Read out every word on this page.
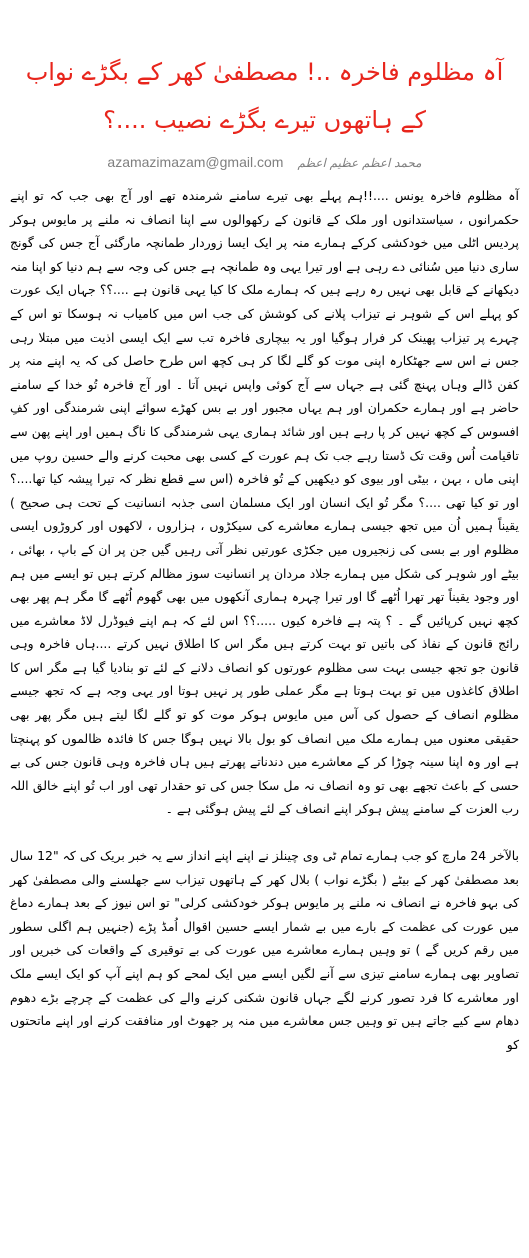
آہ مظلوم فاخرہ ..! مصطفیٰ کھر کے بگڑے نواب کے ہاتھوں تیرے بگڑے نصیب ....؟
azamazimazam@gmail.com محمد اعظم عظیم اعظم

آہ مظلوم فاخرہ یونس ....!!ہم پہلے بھی تیرے سامنے شرمندہ تھے اور آج بھی جب کہ تو اپنے حکمرانوں ، سیاستدانوں اور ملک کے قانون کے رکھوالوں سے اپنا انصاف نہ ملنے پر مایوس ہوکر پردیس اٹلی میں خودکشی کرکے ہمارے منہ پر ایک ایسا زوردار طمانچہ مارگئی آج جس کی گونج ساری دنیا میں سُنائی دے رہی ہے اور تیرا یہی وہ طمانچہ ہے جس کی وجہ سے ہم دنیا کو اپنا منہ دیکھانے کے قابل بھی نہیں رہ رہے ہیں کہ ہمارے ملک کا کیا یہی قانون ہے ....؟؟ جہاں ایک عورت کو پہلے اس کے شوہر نے تیزاب پلانے کی کوشش کی جب اس میں کامیاب نہ ہوسکا تو اس کے چہرے پر تیزاب پھینک کر فرار ہوگیا اور یہ بیچاری فاخرہ تب سے ایک ایسی اذیت میں مبتلا رہی جس نے اس سے جھٹکارہ اپنی موت کو گلے لگا کر ہی کچھ اس طرح حاصل کی کہ یہ اپنے منہ پر کفن ڈالے وہاں پہنچ گئی ہے جہاں سے آج کوئی واپس نہیں آتا ۔ اور آج فاخرہ تُو خدا کے سامنے حاضر ہے اور ہمارے حکمران اور ہم یہاں مجبور اور بے بس کھڑے سوائے اپنی شرمندگی اور کفِ افسوس کے کچھ نہیں کر پا رہے ہیں اور شائد ہماری یہی شرمندگی کا ناگ ہمیں اور اپنے پھن سے تاقیامت اُس وقت تک ڈستا رہے جب تک ہم عورت کے کسی بھی محبت کرنے والے حسین روپ میں اپنی ماں ، بہن ، بیٹی اور بیوی کو دیکھیں کے تُو فاخرہ (اس سے قطع نظر کہ تیرا پیشہ کیا تھا....؟ اور تو کیا تھی ....؟ مگر تُو ایک انسان اور ایک مسلمان اسی جذبہ انسانیت کے تحت ہی صحیح ) یقیناً ہمیں اُن میں تجھ جیسی ہمارے معاشرے کی سیکڑوں ، ہزاروں ، لاکھوں اور کروڑوں ایسی مظلوم اور بے بسی کی زنجیروں میں جکڑی عورتیں نظر آتی رہیں گیں جن پر ان کے باپ ، بھائی ، بیٹے اور شوہر کی شکل میں ہمارے جلاد مردان پر انسانیت سوز مظالم کرتے ہیں تو ایسے میں ہم اور وجود یقیناً تھر تھرا اُٹھے گا اور تیرا چہرہ ہماری آنکھوں میں بھی گھوم اُٹھے گا مگر ہم پھر بھی کچھ نہیں کرپائیں گے ۔ ؟ پتہ ہے فاخرہ کیوں .....؟؟ اس لئے کہ ہم اپنے فیوڈرل لاڈ معاشرے میں رائج قانون کے نفاذ کی باتیں تو بہت کرتے ہیں مگر اس کا اطلاق نہیں کرتے ....ہاں فاخرہ وہی قانون جو تجھ جیسی بہت سی مظلوم عورتوں کو انصاف دلانے کے لئے تو بنادیا گیا ہے مگر اس کا اطلاق کاغذوں میں تو بہت ہوتا ہے مگر عملی طور پر نہیں ہوتا اور یہی وجہ ہے کہ تجھ جیسے مظلوم انصاف کے حصول کی آس میں مایوس ہوکر موت کو تو گلے لگا لیتے ہیں مگر پھر بھی حقیقی معنوں میں ہمارے ملک میں انصاف کو بول بالا نہیں ہوگا جس کا فائدہ ظالموں کو پہنچتا ہے اور وہ اپنا سینہ چوڑا کر کے معاشرے میں دندناتے پھرتے ہیں ہاں فاخرہ وہی قانون جس کی بے حسی کے باعث تجھے بھی تو وہ انصاف نہ مل سکا جس کی تو حقدار تھی اور اب تُو اپنے خالق اللہ رب العزت کے سامنے پیش ہوکر اپنے انصاف کے لئے پیش ہوگئی ہے ۔

بالآخر 24 مارچ کو جب ہمارے تمام ٹی وی چینلز نے اپنے اپنے انداز سے یہ خبر بریک کی کہ "12 سال بعد مصطفیٰ کھر کے بیٹے ( بگڑے نواب ) بلال کھر کے ہاتھوں تیزاب سے جھلسنے والی مصطفیٰ کھر کی بہو فاخرہ نے انصاف نہ ملنے پر مایوس ہوکر خودکشی کرلی" تو اس نیوز کے بعد ہمارے دماغ میں عورت کی عظمت کے بارے میں بے شمار ایسے حسین اقوال اُمڈ پڑے (جنہیں ہم اگلی سطور میں رقم کریں گے ) تو وہیں ہمارے معاشرے میں عورت کی بے توقیری کے واقعات کی خبریں اور تصاویر بھی ہمارے سامنے تیزی سے آنے لگیں ایسے میں ایک لمحے کو ہم اپنے آپ کو ایک ایسے ملک اور معاشرے کا فرد تصور کرنے لگے جہاں قانون شکنی کرنے والے کی عظمت کے چرچے بڑے دھوم دھام سے کیے جاتے ہیں تو وہیں جس معاشرے میں منہ پر جھوٹ اور منافقت کرنے اور اپنے ماتحتوں کو
